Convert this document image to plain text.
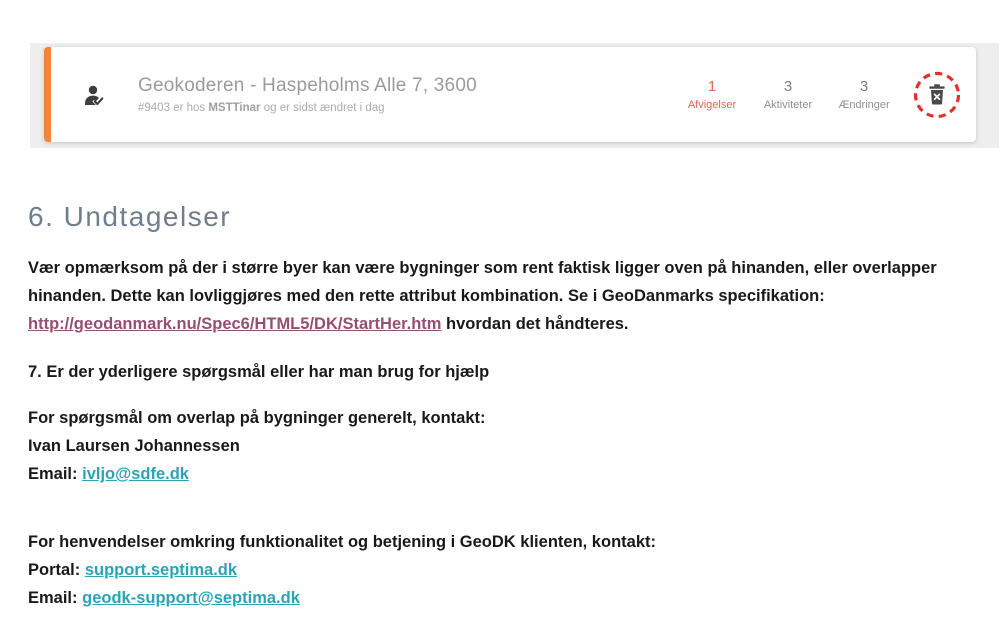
Geokoderen - Haspeholms Alle 7, 3600
#9403 er hos MSTTinar og er sidst ændret i dag
1
Afvigelser
3
Aktiviteter
3
Ændringer
6. Undtagelser

Vær opmærksom på der i større byer kan være bygninger som rent faktisk ligger oven på hinanden, eller overlapper hinanden. Dette kan lovliggjøres med den rette attribut kombination. Se i GeoDanmarks specifikation: http://geodanmark.nu/Spec6/HTML5/DK/StartHer.htm hvordan det håndteres.

7. Er der yderligere spørgsmål eller har man brug for hjælp

For spørgsmål om overlap på bygninger generelt, kontakt:

Ivan Laursen Johannessen

Email: ivljo@sdfe.dk

For henvendelser omkring funktionalitet og betjening i GeoDK klienten, kontakt:

Portal: support.septima.dk

Email: geodk-support@septima.dk
